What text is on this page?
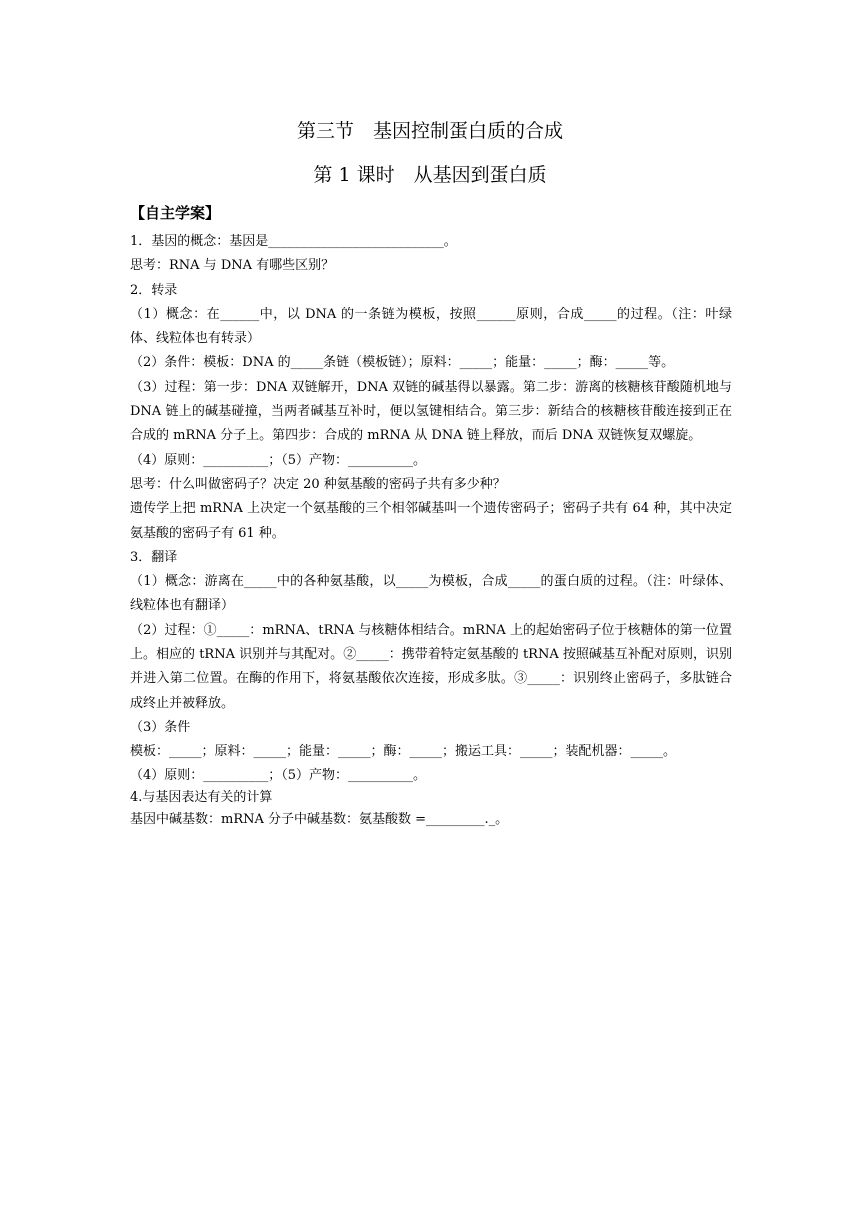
第三节　基因控制蛋白质的合成
第 1 课时　从基因到蛋白质
【自主学案】

1．基因的概念：基因是___________________________。

思考：RNA 与 DNA 有哪些区别？

2．转录

（1）概念：在______中，以 DNA 的一条链为模板，按照______原则，合成_____的过程。（注：叶绿体、线粒体也有转录）

（2）条件：模板：DNA 的_____条链（模板链）；原料：_____；能量：_____；酶：_____等。

（3）过程：第一步：DNA 双链解开，DNA 双链的碱基得以暴露。第二步：游离的核糖核苷酸随机地与 DNA 链上的碱基碰撞，当两者碱基互补时，便以氢键相结合。第三步：新结合的核糖核苷酸连接到正在合成的 mRNA 分子上。第四步：合成的 mRNA 从 DNA 链上释放，而后 DNA 双链恢复双螺旋。

（4）原则：__________；（5）产物：__________。

思考：什么叫做密码子？决定 20 种氨基酸的密码子共有多少种？

遗传学上把 mRNA 上决定一个氨基酸的三个相邻碱基叫一个遗传密码子；密码子共有 64 种，其中决定氨基酸的密码子有 61 种。

3．翻译

（1）概念：游离在_____中的各种氨基酸，以_____为模板，合成_____的蛋白质的过程。（注：叶绿体、线粒体也有翻译）

（2）过程：①_____：mRNA、tRNA 与核糖体相结合。mRNA 上的起始密码子位于核糖体的第一位置上。相应的 tRNA 识别并与其配对。②_____：携带着特定氨基酸的 tRNA 按照碱基互补配对原则，识别并进入第二位置。在酶的作用下，将氨基酸依次连接，形成多肽。③_____：识别终止密码子，多肽链合成终止并被释放。

（3）条件

模板：_____；原料：_____；能量：_____；酶：_____；搬运工具：_____；装配机器：_____。

（4）原则：__________；（5）产物：__________。

4.与基因表达有关的计算

基因中碱基数：mRNA 分子中碱基数：氨基酸数 =_________._。
